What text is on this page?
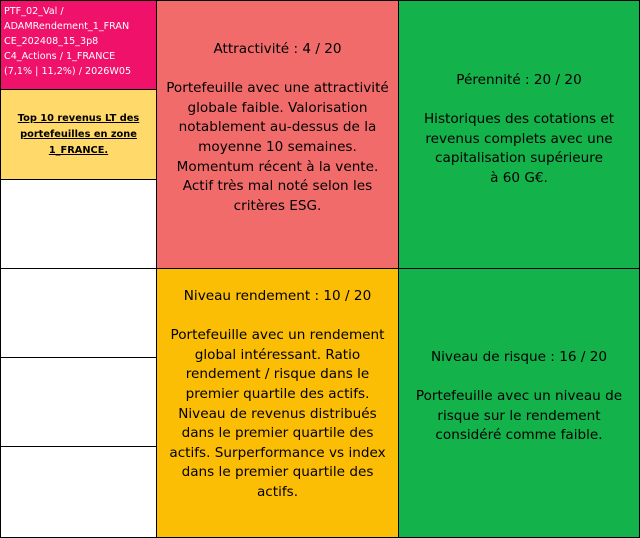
PTF_02_Val /
ADAMRendement_1_FRAN
CE_202408_15_3p8
C4_Actions / 1_FRANCE
(7,1% | 11,2%) / 2026W05
Top 10 revenus LT des
portefeuilles en zone
1_FRANCE.
Attractivité : 4 / 20
Portefeuille avec une attractivité
globale faible. Valorisation
notablement au-dessus de la
moyenne 10 semaines.
Momentum récent à la vente.
Actif très mal noté selon les
critères ESG.
Pérennité : 20 / 20
Historiques des cotations et
revenus complets avec une
capitalisation supérieure
à 60 G€.
Niveau rendement : 10 / 20
Portefeuille avec un rendement
global intéressant. Ratio
rendement / risque dans le
premier quartile des actifs.
Niveau de revenus distribués
dans le premier quartile des
actifs. Surperformance vs index
dans le premier quartile des
actifs.
Niveau de risque : 16 / 20
Portefeuille avec un niveau de
risque sur le rendement
considéré comme faible.
